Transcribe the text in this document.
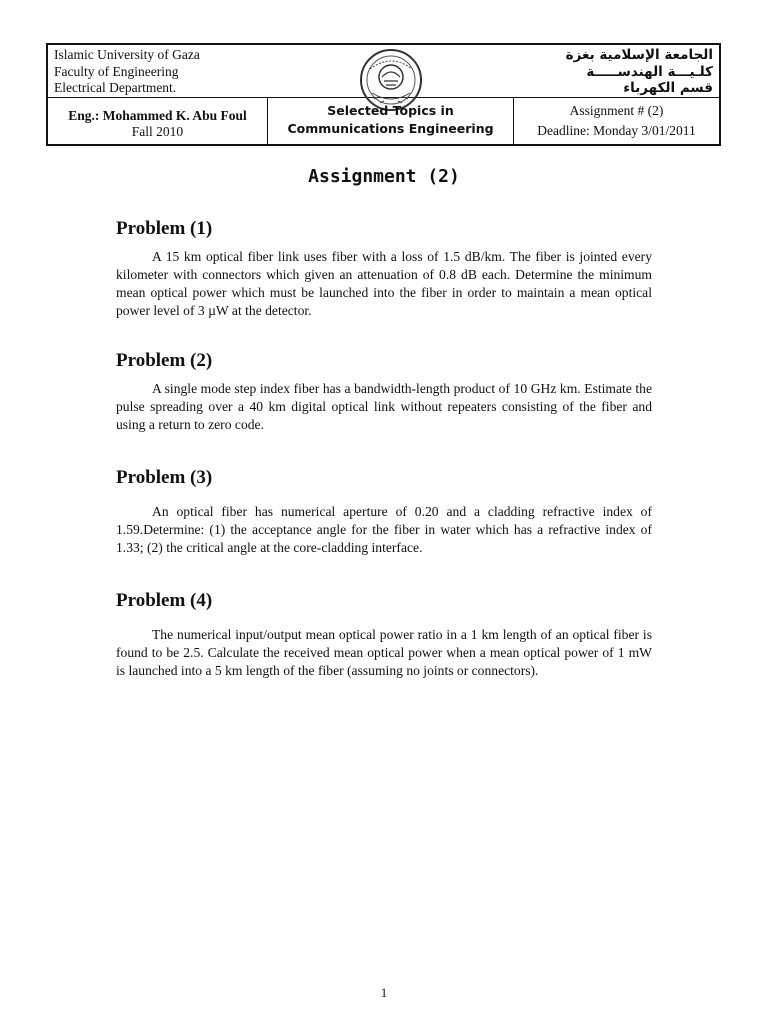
Islamic University of Gaza
Faculty of Engineering
Electrical Department.
الجامعة الإسلامية بغزة
كلـيـــة الهندســـــة
قسم الكهرباء
Eng.: Mohammed K. Abu Foul
Fall 2010
Selected Topics in
Communications Engineering
Assignment # (2)
Deadline: Monday 3/01/2011
Assignment (2)
Problem (1)

A 15 km optical fiber link uses fiber with a loss of 1.5 dB/km. The fiber is jointed every kilometer with connectors which given an attenuation of 0.8 dB each. Determine the minimum mean optical power which must be launched into the fiber in order to maintain a mean optical power level of 3 µW at the detector.

Problem (2)

A single mode step index fiber has a bandwidth-length product of 10 GHz km. Estimate the pulse spreading over a 40 km digital optical link without repeaters consisting of the fiber and using a return to zero code.

Problem (3)

An optical fiber has numerical aperture of 0.20 and a cladding refractive index of 1.59.Determine: (1) the acceptance angle for the fiber in water which has a refractive index of 1.33; (2) the critical angle at the core-cladding interface.

Problem (4)

The numerical input/output mean optical power ratio in a 1 km length of an optical fiber is found to be 2.5. Calculate the received mean optical power when a mean optical power of 1 mW is launched into a 5 km length of the fiber (assuming no joints or connectors).

1
